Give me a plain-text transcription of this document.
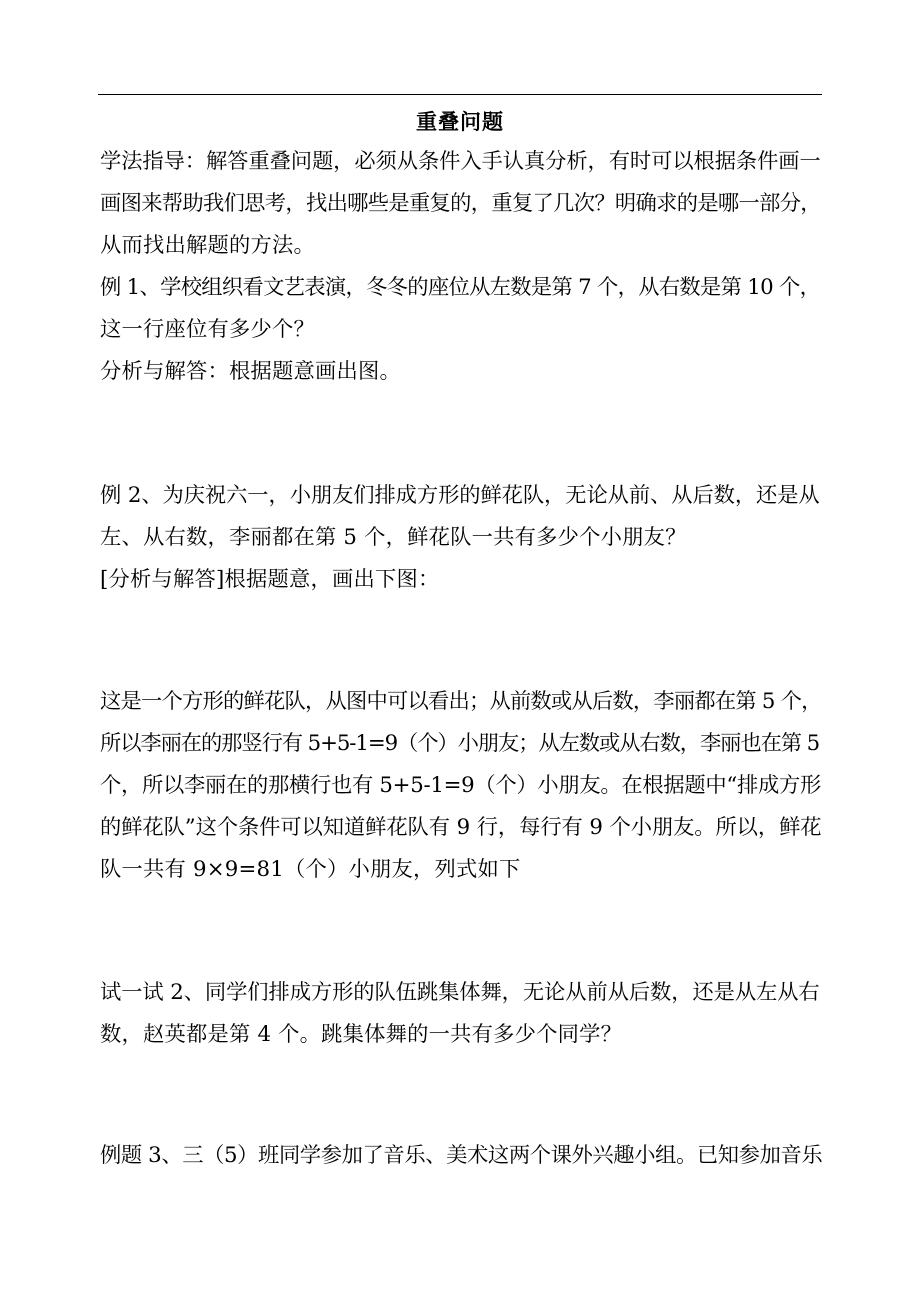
重叠问题
学法指导：解答重叠问题，必须从条件入手认真分析，有时可以根据条件画一
画图来帮助我们思考，找出哪些是重复的，重复了几次？明确求的是哪一部分，
从而找出解题的方法。
例 1、学校组织看文艺表演，冬冬的座位从左数是第 7 个，从右数是第 10 个，
这一行座位有多少个？
分析与解答：根据题意画出图。
例 2、为庆祝六一，小朋友们排成方形的鲜花队，无论从前、从后数，还是从
左、从右数，李丽都在第 5 个，鲜花队一共有多少个小朋友？
[分析与解答]根据题意，画出下图：
这是一个方形的鲜花队，从图中可以看出；从前数或从后数，李丽都在第 5 个，
所以李丽在的那竖行有 5+5-1=9（个）小朋友；从左数或从右数，李丽也在第 5
个，所以李丽在的那横行也有 5+5-1=9（个）小朋友。在根据题中“排成方形
的鲜花队”这个条件可以知道鲜花队有 9 行，每行有 9 个小朋友。所以，鲜花
队一共有 9×9=81（个）小朋友，列式如下
试一试 2、同学们排成方形的队伍跳集体舞，无论从前从后数，还是从左从右
数，赵英都是第 4 个。跳集体舞的一共有多少个同学？
例题 3、三（5）班同学参加了音乐、美术这两个课外兴趣小组。已知参加音乐
